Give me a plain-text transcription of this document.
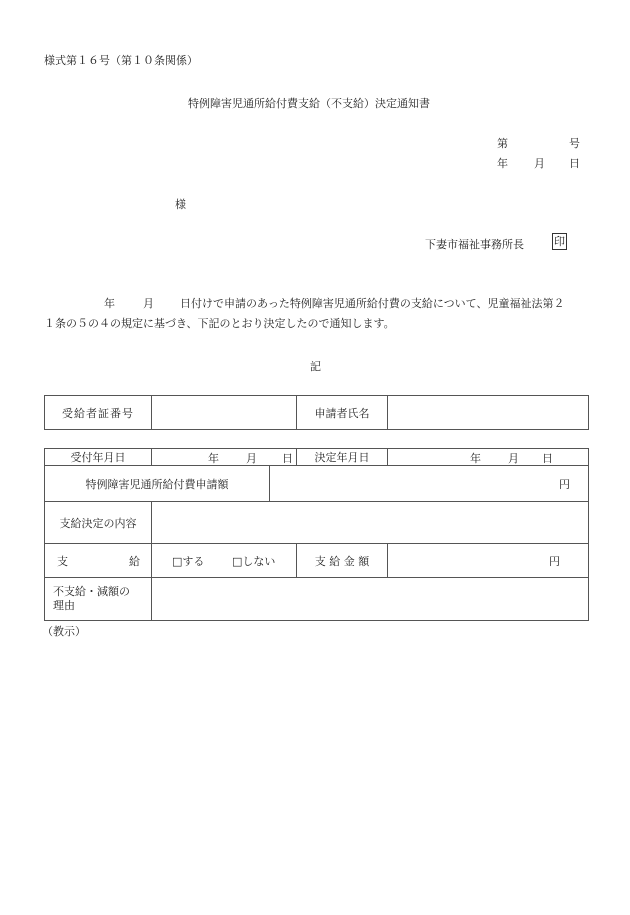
様式第１６号（第１０条関係）
特例障害児通所給付費支給（不支給）決定通知書
第	号
年 月 日
様
下妻市福祉事務所長	印
年	月 日付けで申請のあった特例障害児通所給付費の支給について、児童福祉法第２
１条の５の４の規定に基づき、下記のとおり決定したので通知します。
記
受給者証番号		申請者氏名	
受付年月日	年 月 日		決定年月日	年 月 日

特例障害児通所給付費申請額		円		
支給決定の内容				

支 給	□する □しない		支 給 金 額	円

不支給・減額の
理由				

（教示）
